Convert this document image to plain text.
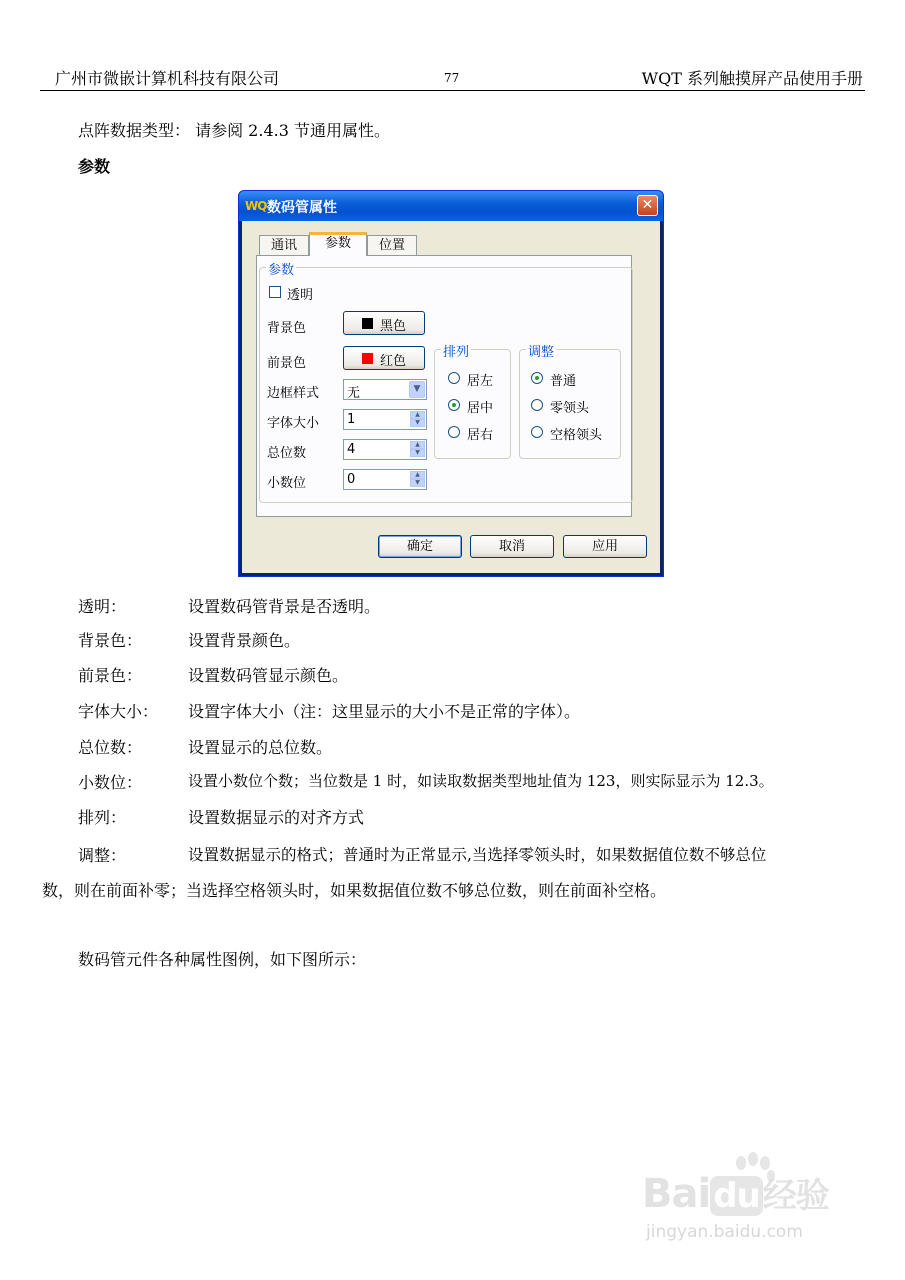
广州市微嵌计算机科技有限公司	77	WQT 系列触摸屏产品使用手册
点阵数据类型： 请参阅 2.4.3 节通用属性。
参数
WQ 数码管属性	✕
通讯	参数	位置
参数
透明
背景色	黑色
前景色	红色
边框样式 无	▼
字体大小 1	▲
▼
总位数	4	▲
▼
小数位	0	▲
▼
排列
居左
居中
居右
调整
普通
零领头
空格领头
确定	取消	应用
透明：	设置数码管背景是否透明。
背景色：	设置背景颜色。
前景色：	设置数码管显示颜色。
字体大小： 设置字体大小（注：这里显示的大小不是正常的字体）。
总位数：	设置显示的总位数。
小数位：	设置小数位个数；当位数是 1 时，如读取数据类型地址值为 123，则实际显示为 12.3。
排列：	设置数据显示的对齐方式
调整：	设置数据显示的格式；普通时为正常显示,当选择零领头时，如果数据值位数不够总位
数，则在前面补零；当选择空格领头时，如果数据值位数不够总位数，则在前面补空格。
数码管元件各种属性图例，如下图所示：
Baidu经验
jingyan.baidu.com
